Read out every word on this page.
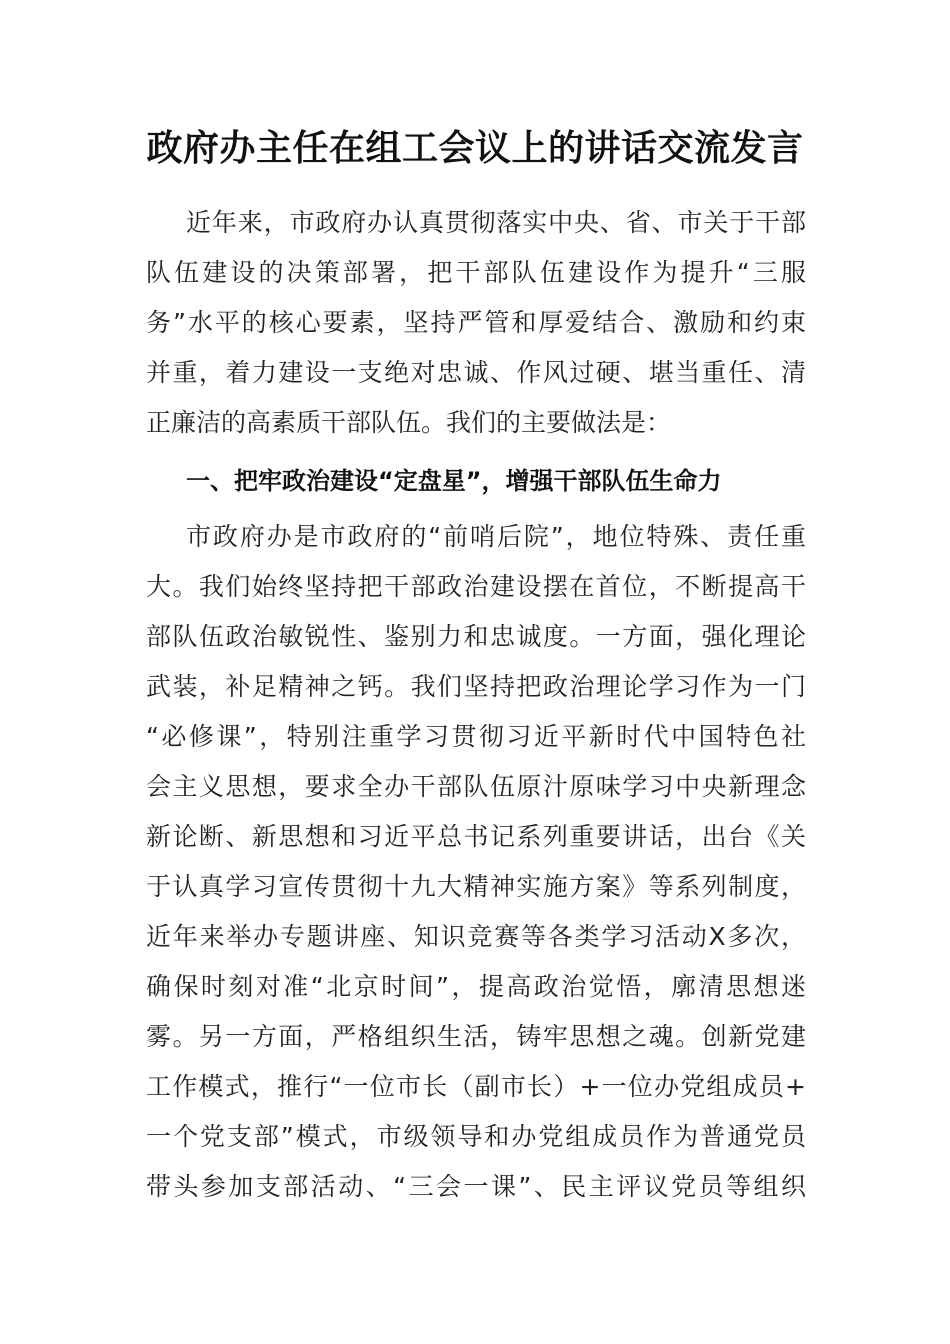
政府办主任在组工会议上的讲话交流发言
近年来，市政府办认真贯彻落实中央、省、市关于干部
队伍建设的决策部署，把干部队伍建设作为提升“三服
务”水平的核心要素，坚持严管和厚爱结合、激励和约束
并重，着力建设一支绝对忠诚、作风过硬、堪当重任、清
正廉洁的高素质干部队伍。我们的主要做法是：
一、把牢政治建设“定盘星”，增强干部队伍生命力
市政府办是市政府的“前哨后院”，地位特殊、责任重
大。我们始终坚持把干部政治建设摆在首位，不断提高干
部队伍政治敏锐性、鉴别力和忠诚度。一方面，强化理论
武装，补足精神之钙。我们坚持把政治理论学习作为一门
“必修课”，特别注重学习贯彻习近平新时代中国特色社
会主义思想，要求全办干部队伍原汁原味学习中央新理念
新论断、新思想和习近平总书记系列重要讲话，出台《关
于认真学习宣传贯彻十九大精神实施方案》等系列制度，
近年来举办专题讲座、知识竞赛等各类学习活动X多次，
确保时刻对准“北京时间”，提高政治觉悟，廓清思想迷
雾。另一方面，严格组织生活，铸牢思想之魂。创新党建
工作模式，推行“一位市长（副市长）+一位办党组成员+
一个党支部”模式，市级领导和办党组成员作为普通党员
带头参加支部活动、“三会一课”、民主评议党员等组织
